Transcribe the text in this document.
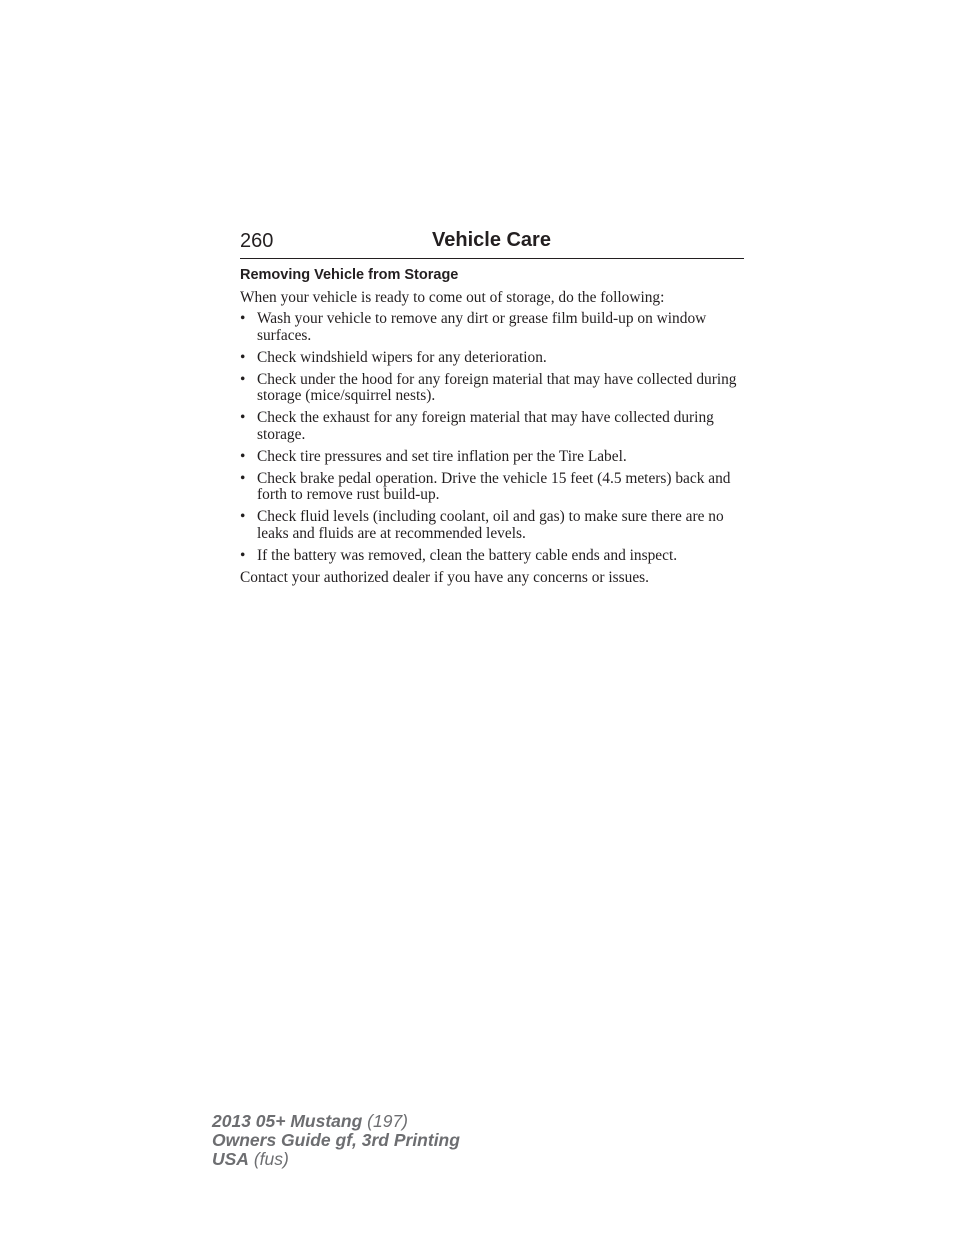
260	Vehicle Care
Removing Vehicle from Storage

When your vehicle is ready to come out of storage, do the following:

• Wash your vehicle to remove any dirt or grease film build-up on window surfaces.
• Check windshield wipers for any deterioration.
• Check under the hood for any foreign material that may have collected during storage (mice/squirrel nests).
• Check the exhaust for any foreign material that may have collected during storage.
• Check tire pressures and set tire inflation per the Tire Label.
• Check brake pedal operation. Drive the vehicle 15 feet (4.5 meters) back and forth to remove rust build-up.
• Check fluid levels (including coolant, oil and gas) to make sure there are no leaks and fluids are at recommended levels.
• If the battery was removed, clean the battery cable ends and inspect.

Contact your authorized dealer if you have any concerns or issues.

2013 05+ Mustang (197)
Owners Guide gf, 3rd Printing
USA (fus)
